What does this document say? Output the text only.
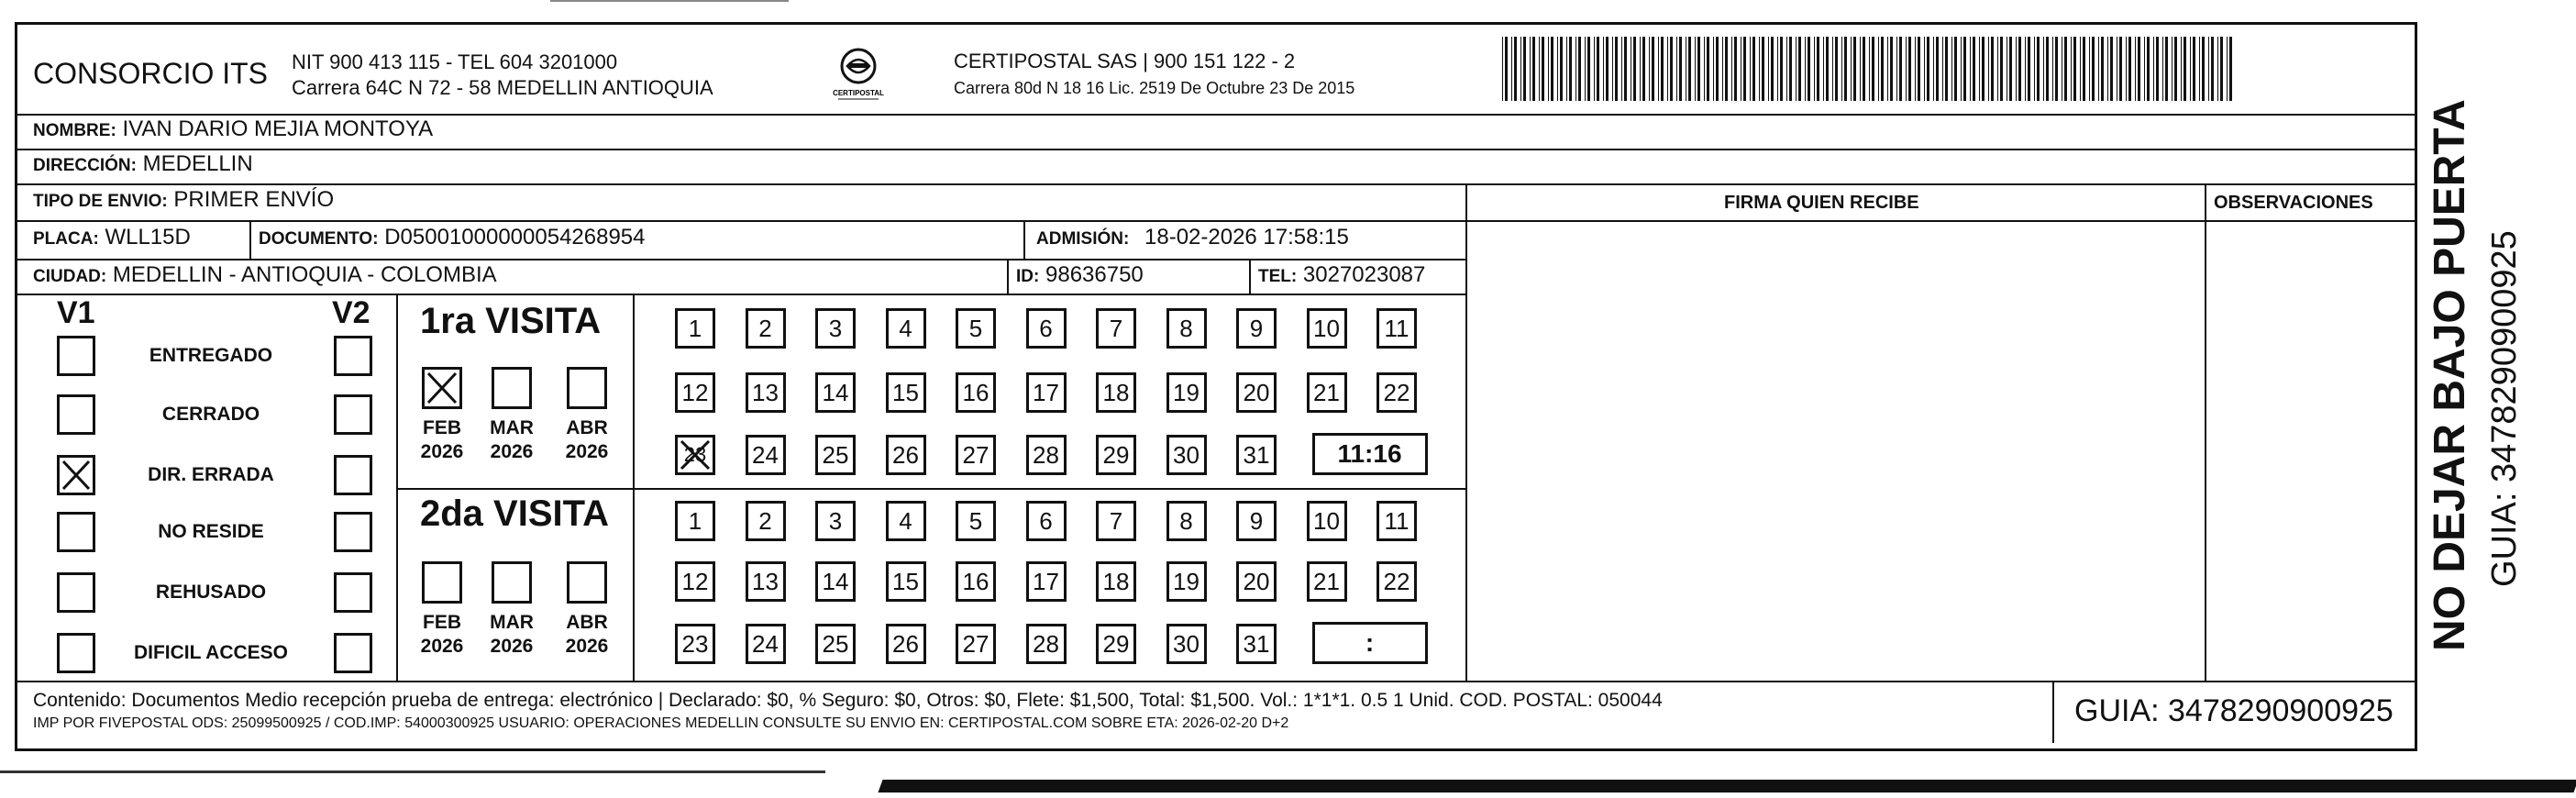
CONSORCIO ITS NIT 900 413 115 - TEL 604 3201000
Carrera 64C N 72 - 58 MEDELLIN ANTIOQUIA	CERTIPOSTAL
CERTIPOSTAL SAS | 900 151 122 - 2
Carrera 80d N 18 16 Lic. 2519 De Octubre 23 De 2015
NOMBRE: IVAN DARIO MEJIA MONTOYA
DIRECCIÓN: MEDELLIN
TIPO DE ENVIO: PRIMER ENVÍO	FIRMA QUIEN RECIBE	OBSERVACIONES
PLACA: WLL15D	DOCUMENTO: D05001000000054268954	ADMISIÓN: 18-02-2026 17:58:15
CIUDAD: MEDELLIN - ANTIOQUIA - COLOMBIA	ID: 98636750	TEL: 3027023087
V1	V2
ENTREGADO
CERRADO
DIR. ERRADA
NO RESIDE
REHUSADO
DIFICIL ACCESO
1ra VISITA
FEB
2026
MAR
2026
ABR
2026
1	2	3	4	5	6	7	8	9	10	11
12 13 14 15 16 17 18 19 20 21 22
23 24 25 26 27 28 29 30 31	11:16
2da VISITA
FEB
2026
MAR
2026
ABR
2026
1	2	3	4	5	6	7	8	9	10	11
12 13 14 15 16 17 18 19 20 21 22
23 24 25 26 27 28 29 30 31	:
Contenido: Documentos Medio recepción prueba de entrega: electrónico | Declarado: $0, % Seguro: $0, Otros: $0, Flete: $1,500, Total: $1,500. Vol.: 1*1*1. 0.5 1 Unid. COD. POSTAL: 050044
IMP POR FIVEPOSTAL ODS: 25099500925 / COD.IMP: 54000300925 USUARIO: OPERACIONES MEDELLIN CONSULTE SU ENVIO EN: CERTIPOSTAL.COM SOBRE ETA: 2026-02-20 D+2	GUIA: 3478290900925
NO DEJAR BAJO PUERTA GUIA: 3478290900925
